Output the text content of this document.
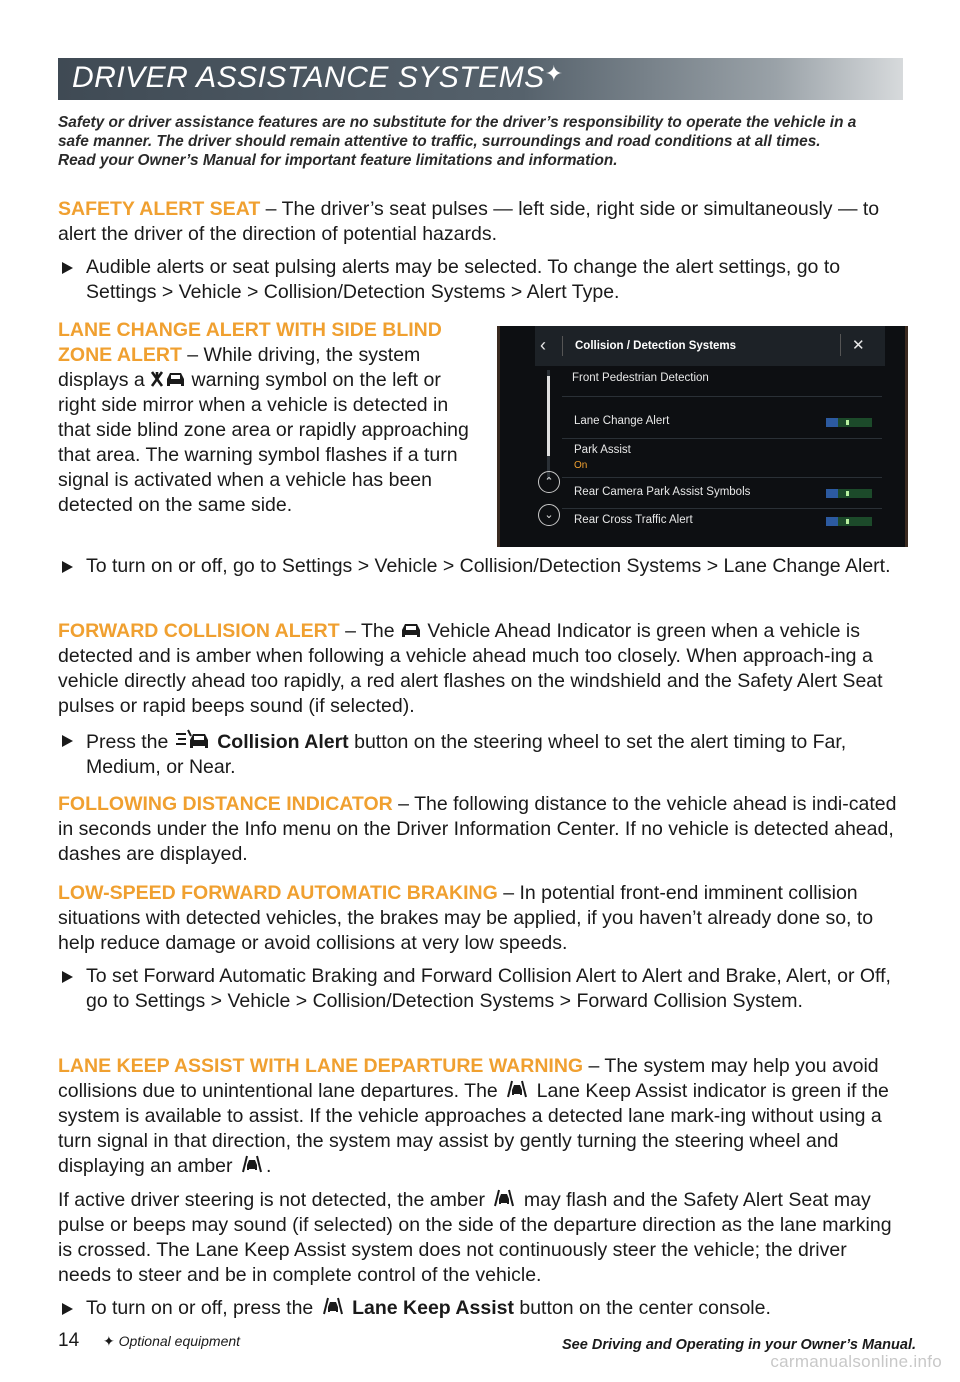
DRIVER ASSISTANCE SYSTEMS✦
Safety or driver assistance features are no substitute for the driver’s responsibility to operate the vehicle in a safe manner. The driver should remain attentive to traffic, surroundings and road conditions at all times. Read your Owner’s Manual for important feature limitations and information.
SAFETY ALERT SEAT – The driver’s seat pulses — left side, right side or simultaneously — to alert the driver of the direction of potential hazards.
Audible alerts or seat pulsing alerts may be selected. To change the alert settings, go to Settings > Vehicle > Collision/Detection Systems > Alert Type.
LANE CHANGE ALERT WITH SIDE BLIND ZONE ALERT – While driving, the system displays a  warning symbol on the left or right side mirror when a vehicle is detected in that side blind zone area or rapidly approaching that area. The warning symbol flashes if a turn signal is activated when a vehicle has been detected on the same side.
‹	Collision / Detection Systems	✕
Front Pedestrian Detection
Lane Change Alert
Park Assist
On
⌃
Rear Camera Park Assist Symbols
⌄	Rear Cross Traffic Alert
To turn on or off, go to Settings > Vehicle > Collision/Detection Systems > Lane Change Alert.
FORWARD COLLISION ALERT – The  Vehicle Ahead Indicator is green when a vehicle is detected and is amber when following a vehicle ahead much too closely. When approach-ing a vehicle directly ahead too rapidly, a red alert flashes on the windshield and the Safety Alert Seat pulses or rapid beeps sound (if selected).
Press the  Collision Alert button on the steering wheel to set the alert timing to Far, Medium, or Near.
FOLLOWING DISTANCE INDICATOR – The following distance to the vehicle ahead is indi-cated in seconds under the Info menu on the Driver Information Center. If no vehicle is detected ahead, dashes are displayed.
LOW-SPEED FORWARD AUTOMATIC BRAKING – In potential front-end imminent collision situations with detected vehicles, the brakes may be applied, if you haven’t already done so, to help reduce damage or avoid collisions at very low speeds.
To set Forward Automatic Braking and Forward Collision Alert to Alert and Brake, Alert, or Off, go to Settings > Vehicle > Collision/Detection Systems > Forward Collision System.
LANE KEEP ASSIST WITH LANE DEPARTURE WARNING – The system may help you avoid collisions due to unintentional lane departures. The  Lane Keep Assist indicator is green if the system is available to assist. If the vehicle approaches a detected lane mark-ing without using a turn signal in that direction, the system may assist by gently turning the steering wheel and displaying an amber .
If active driver steering is not detected, the amber  may flash and the Safety Alert Seat may pulse or beeps may sound (if selected) on the side of the departure direction as the lane marking is crossed. The Lane Keep Assist system does not continuously steer the vehicle; the driver needs to steer and be in complete control of the vehicle.
To turn on or off, press the  Lane Keep Assist button on the center console.
14 ✦ Optional equipment	See Driving and Operating in your Owner’s Manual.
carmanualsonline.info
